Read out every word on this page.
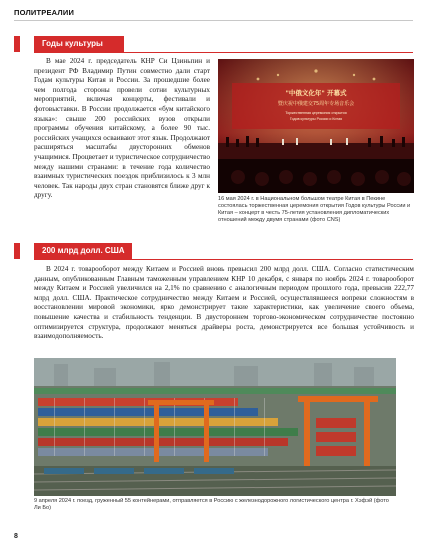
ПОЛИТРЕАЛИИ
Годы культуры

В мае 2024 г. председатель КНР Си Цзиньпин и президент РФ Владимир Путин совместно дали старт Годам культуры Китая и России. За прошедшие более чем полгода стороны провели сотни культурных мероприятий, включая концерты, фестивали и фотовыставки. В России продолжается «бум китайского языка»: свыше 200 российских вузов открыли программы обучения китайскому, а более 90 тыс. российских учащихся осваивают этот язык. Продолжают расширяться масштабы двусторонних обменов учащимися. Процветает и туристическое сотрудничество между нашими странами: в течение года количество взаимных туристических поездок приблизилось к 3 млн человек. Так народы двух стран становятся ближе друг к другу.

"中俄文化年" 开幕式
暨庆祝中俄建交75周年专场音乐会
Торжественная церемония открытия
Годов культуры России и Китая
16 мая 2024 г. в Национальном большом театре Китая в Пекине состоялась торжественная церемония открытия Годов культуры России и Китая – концерт в честь 75-летия установления дипломатических отношений между двумя странами (фото CNS)
200 млрд долл. США

В 2024 г. товарооборот между Китаем и Россией вновь превысил 200 млрд долл. США. Согласно статистическим данным, опубликованным Главным таможенным управлением КНР 10 декабря, с января по ноябрь 2024 г. товарооборот между Китаем и Россией увеличился на 2,1% по сравнению с аналогичным периодом прошлого года, превысив 222,77 млрд долл. США. Практическое сотрудничество между Китаем и Россией, осуществлявшееся вопреки сложностям в восстановлении мировой экономики, ярко демонстрирует такие характеристики, как увеличение своего объема, повышение качества и стабильность тенденции. В двустороннем торгово-экономическом сотрудничестве постоянно оптимизируется структура, продолжают меняться драйверы роста, демонстрируется все большая устойчивость и взаимодополняемость.

9 апреля 2024 г. поезд, груженный 55 контейнерами, отправляется в Россию с железнодорожного логистического центра г. Хэфэй (фото Ли Бо)
8
